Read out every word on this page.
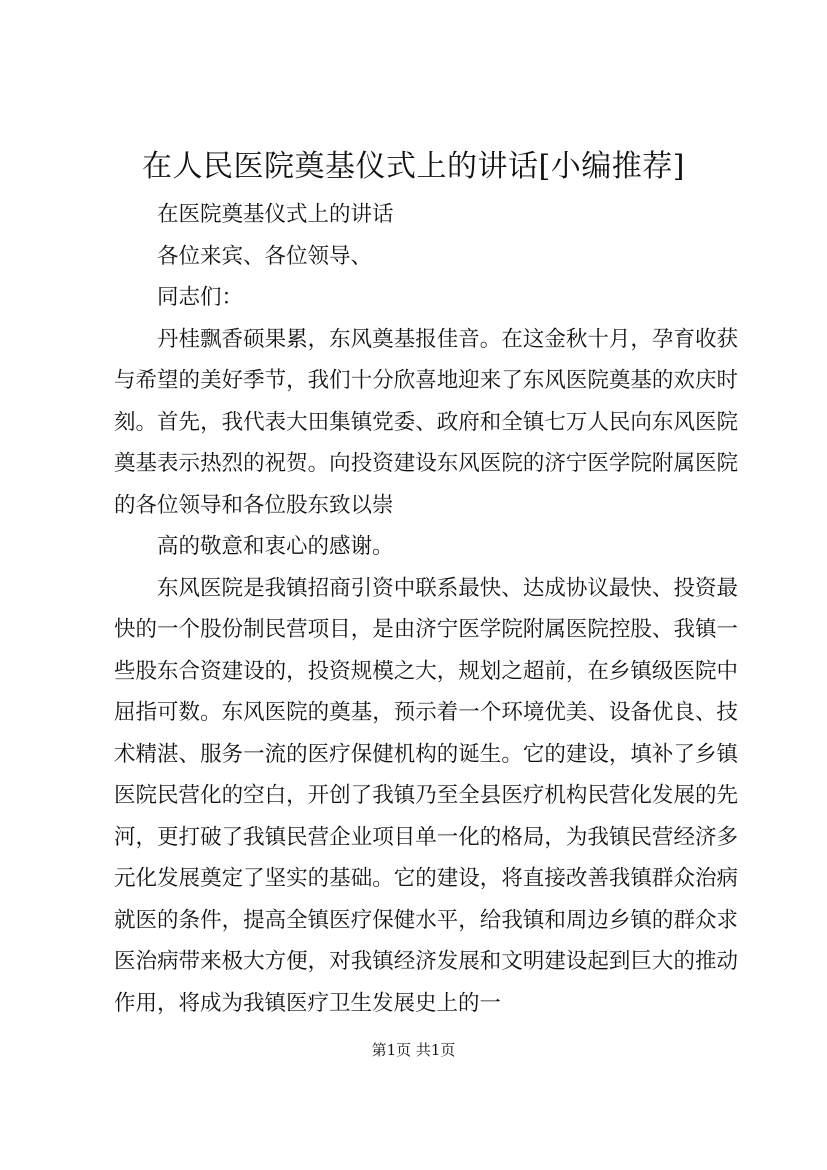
在人民医院奠基仪式上的讲话[小编推荐]

在医院奠基仪式上的讲话

各位来宾、各位领导、

同志们：

丹桂飘香硕果累，东风奠基报佳音。在这金秋十月，孕育收获与希望的美好季节，我们十分欣喜地迎来了东风医院奠基的欢庆时刻。首先，我代表大田集镇党委、政府和全镇七万人民向东风医院奠基表示热烈的祝贺。向投资建设东风医院的济宁医学院附属医院的各位领导和各位股东致以崇

高的敬意和衷心的感谢。

东风医院是我镇招商引资中联系最快、达成协议最快、投资最快的一个股份制民营项目，是由济宁医学院附属医院控股、我镇一些股东合资建设的，投资规模之大，规划之超前，在乡镇级医院中屈指可数。东风医院的奠基，预示着一个环境优美、设备优良、技术精湛、服务一流的医疗保健机构的诞生。它的建设，填补了乡镇医院民营化的空白，开创了我镇乃至全县医疗机构民营化发展的先河，更打破了我镇民营企业项目单一化的格局，为我镇民营经济多元化发展奠定了坚实的基础。它的建设，将直接改善我镇群众治病就医的条件，提高全镇医疗保健水平，给我镇和周边乡镇的群众求医治病带来极大方便，对我镇经济发展和文明建设起到巨大的推动作用，将成为我镇医疗卫生发展史上的一

第1页 共1页
